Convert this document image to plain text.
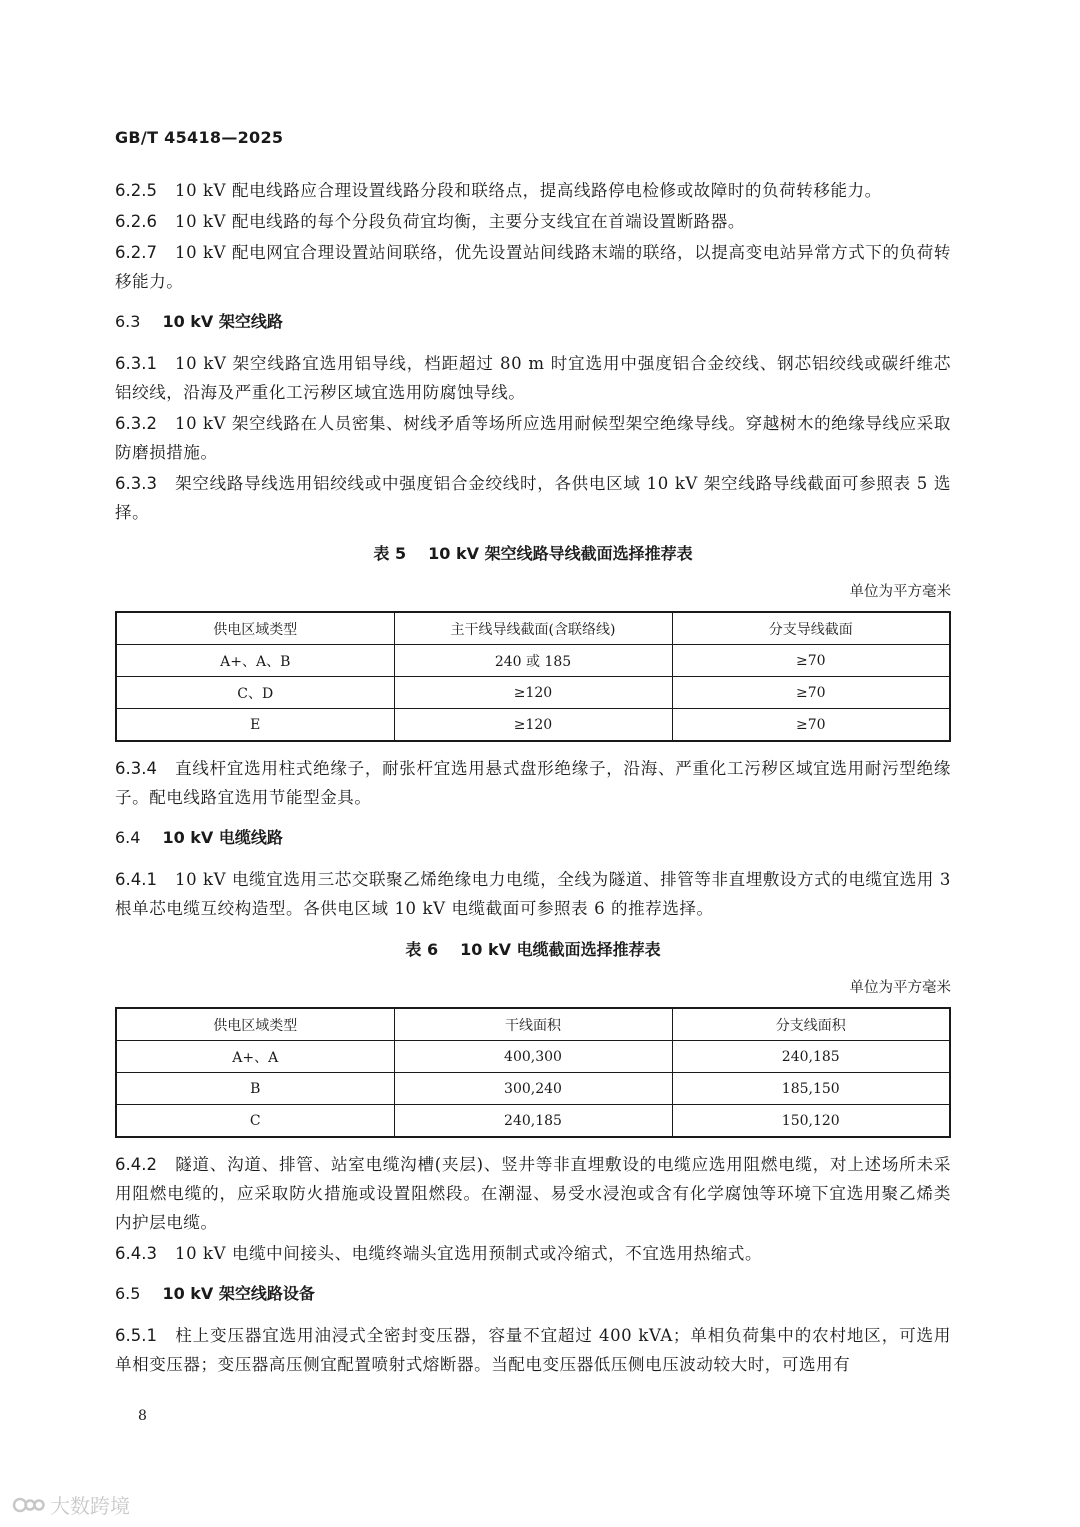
GB/T 45418—2025
6.2.5 10 kV 配电线路应合理设置线路分段和联络点，提高线路停电检修或故障时的负荷转移能力。
6.2.6 10 kV 配电线路的每个分段负荷宜均衡，主要分支线宜在首端设置断路器。
6.2.7 10 kV 配电网宜合理设置站间联络，优先设置站间线路末端的联络，以提高变电站异常方式下的负荷转移能力。
6.3 10 kV 架空线路
6.3.1 10 kV 架空线路宜选用铝导线，档距超过 80 m 时宜选用中强度铝合金绞线、钢芯铝绞线或碳纤维芯铝绞线，沿海及严重化工污秽区域宜选用防腐蚀导线。
6.3.2 10 kV 架空线路在人员密集、树线矛盾等场所应选用耐候型架空绝缘导线。穿越树木的绝缘导线应采取防磨损措施。
6.3.3 架空线路导线选用铝绞线或中强度铝合金绞线时，各供电区域 10 kV 架空线路导线截面可参照表 5 选择。
表 5 10 kV 架空线路导线截面选择推荐表
单位为平方毫米
供电区域类型	主干线导线截面(含联络线)	分支导线截面
A+、A、B	240 或 185	≥70
C、D	≥120	≥70
E	≥120	≥70
6.3.4 直线杆宜选用柱式绝缘子，耐张杆宜选用悬式盘形绝缘子，沿海、严重化工污秽区域宜选用耐污型绝缘子。配电线路宜选用节能型金具。
6.4 10 kV 电缆线路
6.4.1 10 kV 电缆宜选用三芯交联聚乙烯绝缘电力电缆，全线为隧道、排管等非直埋敷设方式的电缆宜选用 3 根单芯电缆互绞构造型。各供电区域 10 kV 电缆截面可参照表 6 的推荐选择。
表 6 10 kV 电缆截面选择推荐表
单位为平方毫米
供电区域类型	干线面积	分支线面积
A+、A	400,300	240,185
B	300,240	185,150
C	240,185	150,120
6.4.2 隧道、沟道、排管、站室电缆沟槽(夹层)、竖井等非直埋敷设的电缆应选用阻燃电缆，对上述场所未采用阻燃电缆的，应采取防火措施或设置阻燃段。在潮湿、易受水浸泡或含有化学腐蚀等环境下宜选用聚乙烯类内护层电缆。
6.4.3 10 kV 电缆中间接头、电缆终端头宜选用预制式或冷缩式，不宜选用热缩式。
6.5 10 kV 架空线路设备
6.5.1 柱上变压器宜选用油浸式全密封变压器，容量不宜超过 400 kVA；单相负荷集中的农村地区，可选用单相变压器；变压器高压侧宜配置喷射式熔断器。当配电变压器低压侧电压波动较大时，可选用有
8
大数跨境
